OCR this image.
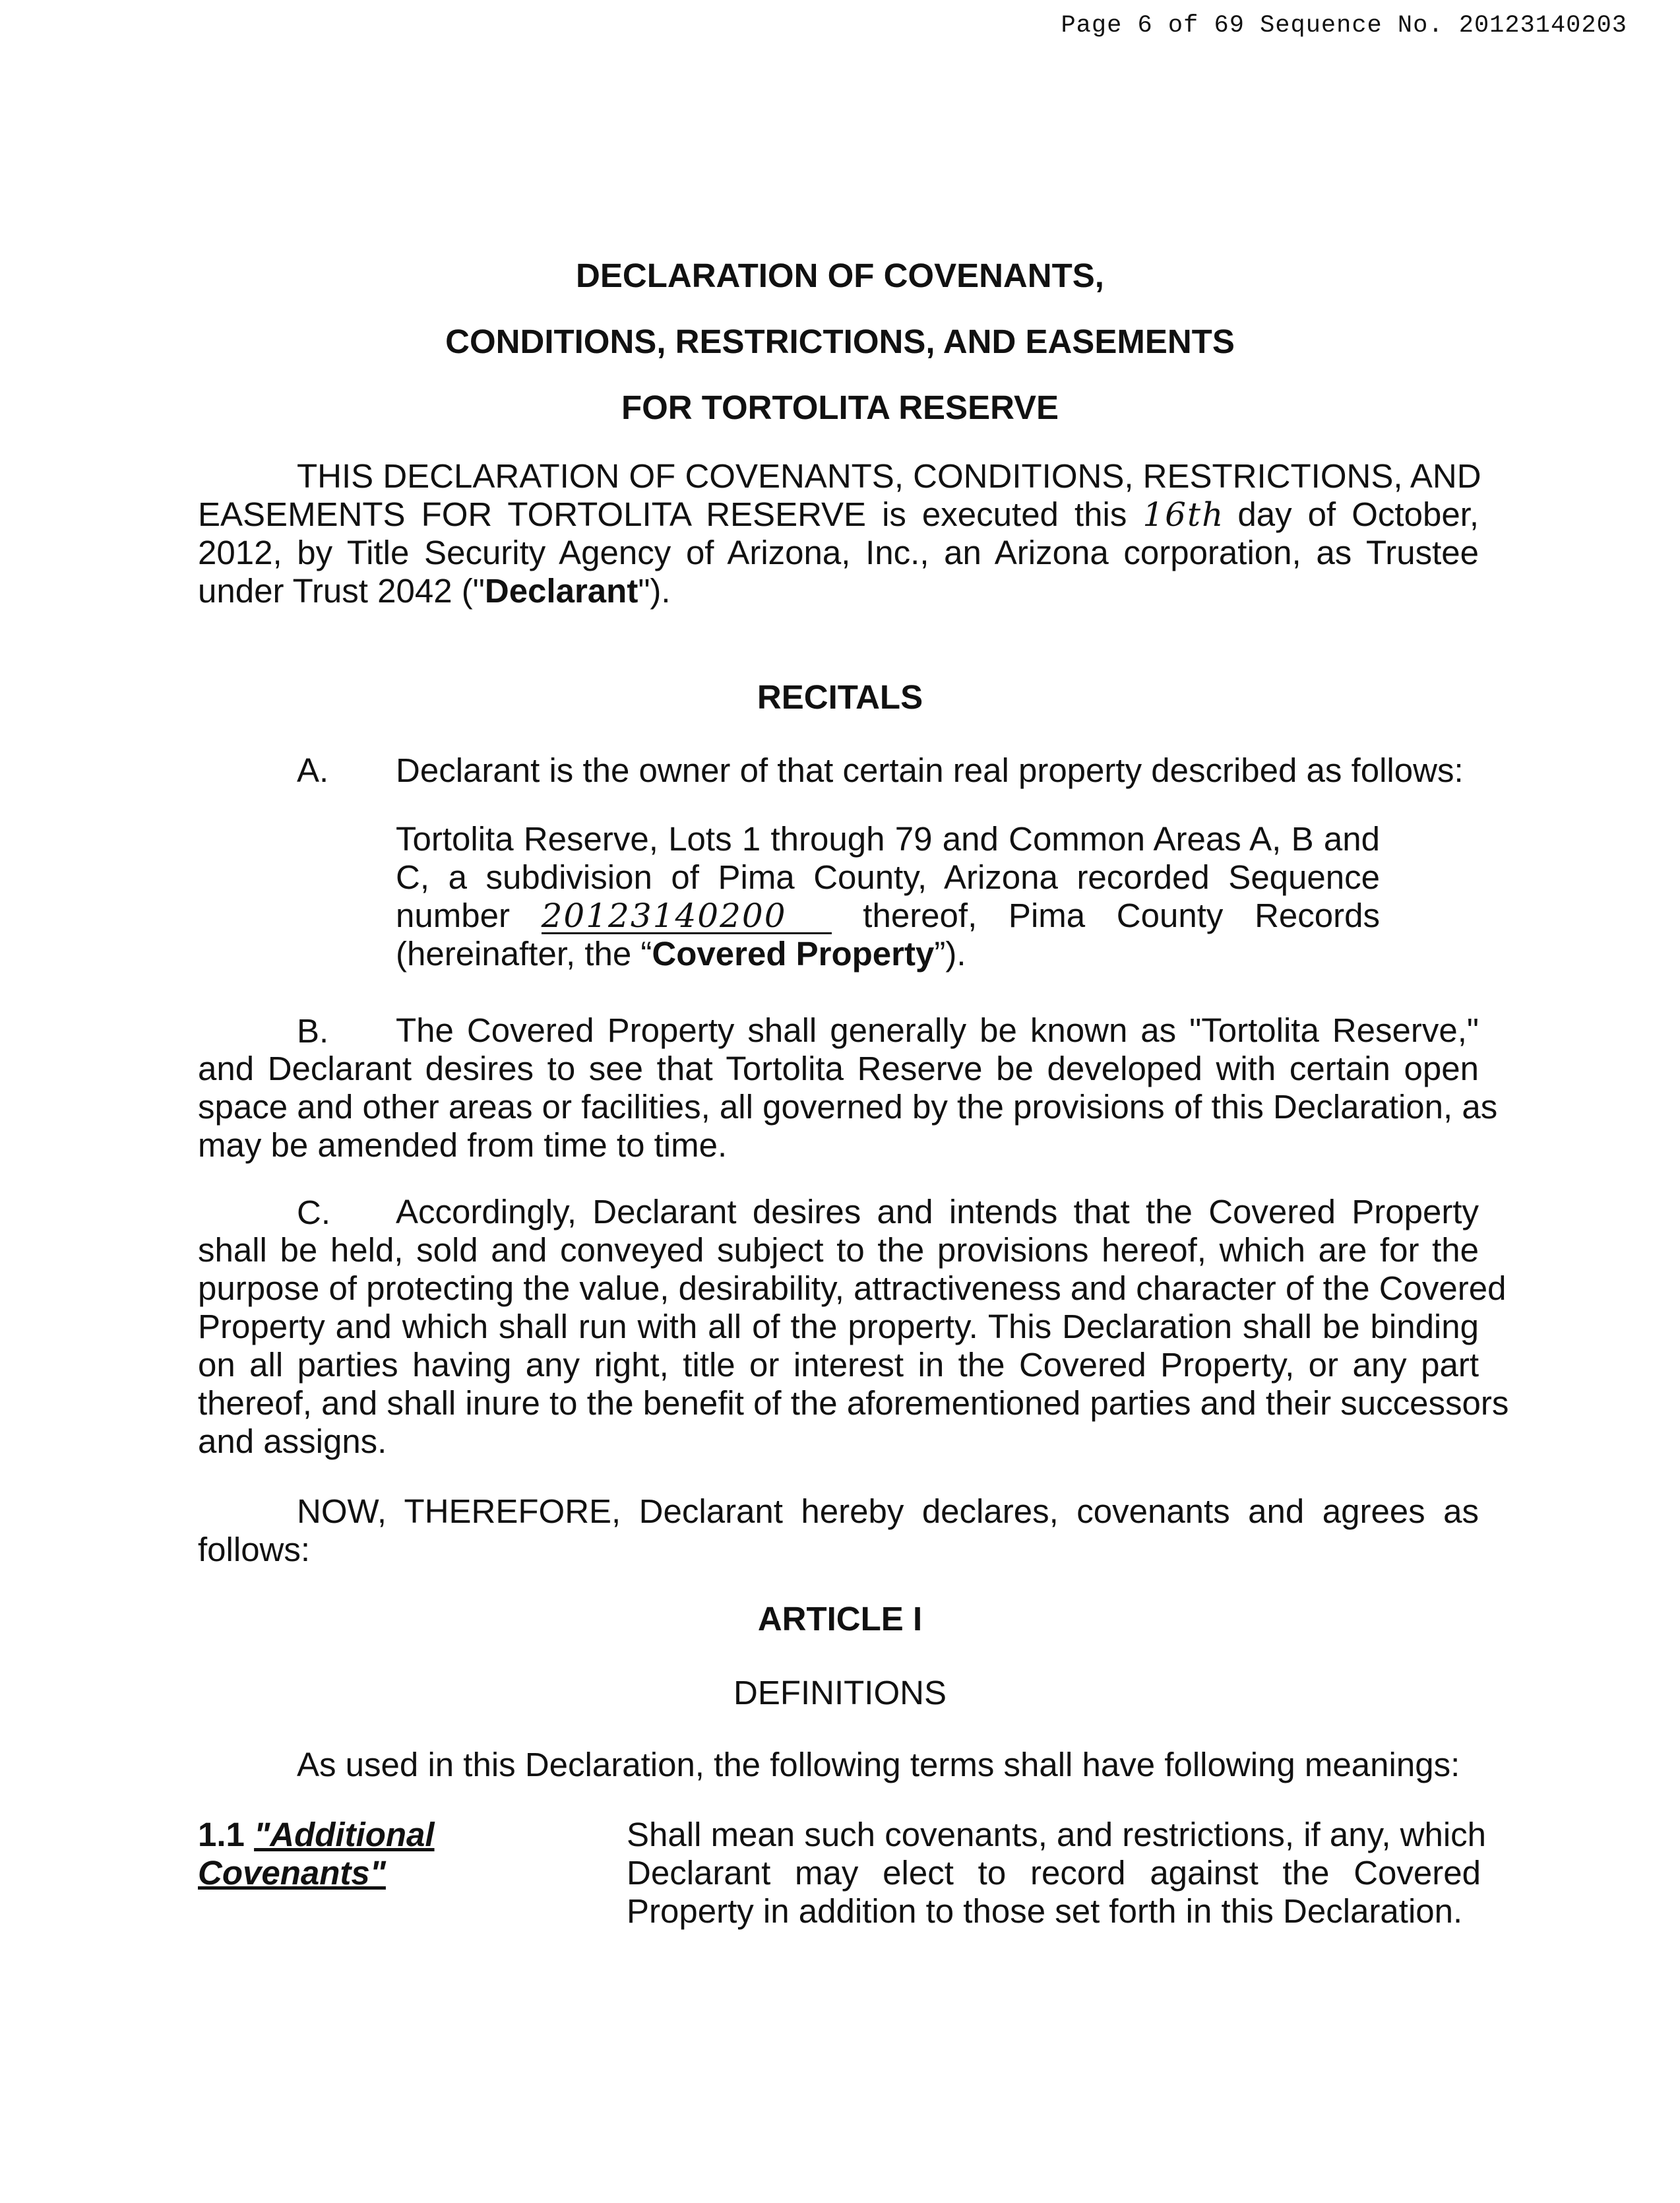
Page 6 of 69 Sequence No. 20123140203
DECLARATION OF COVENANTS,
CONDITIONS, RESTRICTIONS, AND EASEMENTS
FOR TORTOLITA RESERVE
THIS DECLARATION OF COVENANTS, CONDITIONS, RESTRICTIONS, AND
EASEMENTS FOR TORTOLITA RESERVE is executed this 16th day of October,
2012, by Title Security Agency of Arizona, Inc., an Arizona corporation, as Trustee
under Trust 2042 ("Declarant").
RECITALS
A. Declarant is the owner of that certain real property described as follows:
Tortolita Reserve, Lots 1 through 79 and Common Areas A, B and
C, a subdivision of Pima County, Arizona recorded Sequence
number 20123140200 thereof, Pima County Records
(hereinafter, the “Covered Property”).
B. The Covered Property shall generally be known as "Tortolita Reserve,"
and Declarant desires to see that Tortolita Reserve be developed with certain open
space and other areas or facilities, all governed by the provisions of this Declaration, as
may be amended from time to time.
C. Accordingly, Declarant desires and intends that the Covered Property
shall be held, sold and conveyed subject to the provisions hereof, which are for the
purpose of protecting the value, desirability, attractiveness and character of the Covered
Property and which shall run with all of the property. This Declaration shall be binding
on all parties having any right, title or interest in the Covered Property, or any part
thereof, and shall inure to the benefit of the aforementioned parties and their successors
and assigns.
NOW, THEREFORE, Declarant hereby declares, covenants and agrees as
follows:
ARTICLE I
DEFINITIONS
As used in this Declaration, the following terms shall have following meanings:
1.1 "Additional
Covenants"
Shall mean such covenants, and restrictions, if any, which
Declarant may elect to record against the Covered
Property in addition to those set forth in this Declaration.
